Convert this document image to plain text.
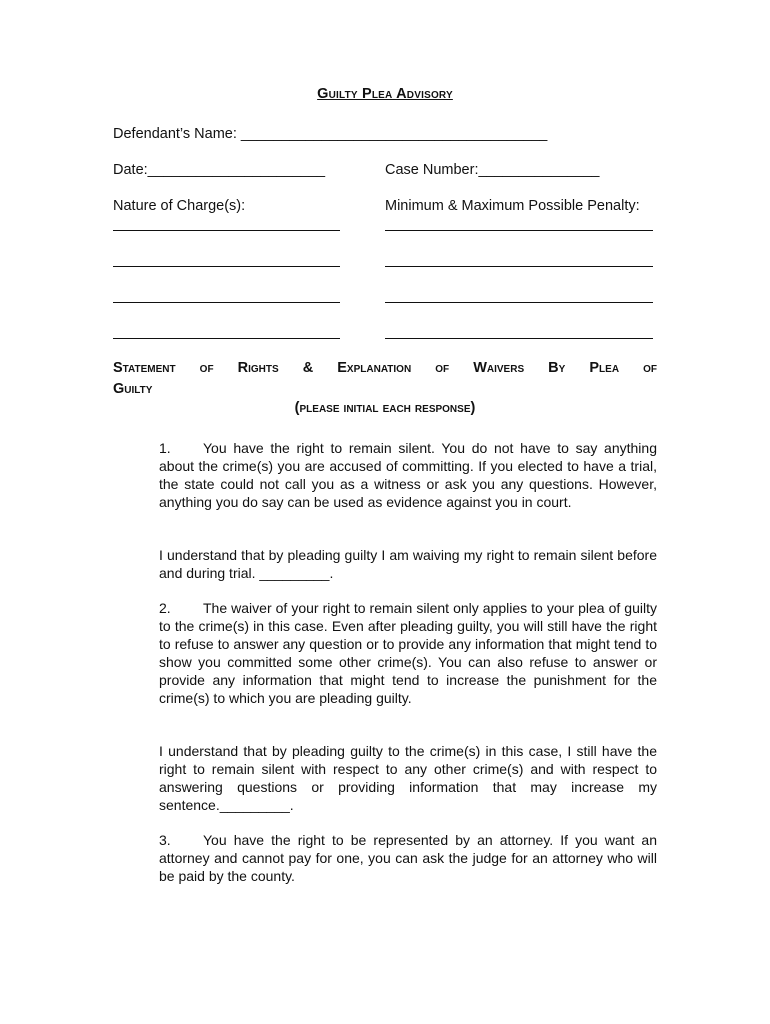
Guilty Plea Advisory
Defendant’s Name: ______________________________________
Date:______________________	Case Number:_______________
Nature of Charge(s):	Minimum & Maximum Possible Penalty:
Statement of Rights & Explanation of Waivers By Plea of
Guilty
(please initial each response)
1. You have the right to remain silent. You do not have to say anything about the crime(s) you are accused of committing. If you elected to have a trial, the state could not call you as a witness or ask you any questions. However, anything you do say can be used as evidence against you in court.
I understand that by pleading guilty I am waiving my right to remain silent before and during trial. _________.
2. The waiver of your right to remain silent only applies to your plea of guilty to the crime(s) in this case. Even after pleading guilty, you will still have the right to refuse to answer any question or to provide any information that might tend to show you committed some other crime(s). You can also refuse to answer or provide any information that might tend to increase the punishment for the crime(s) to which you are pleading guilty.
I understand that by pleading guilty to the crime(s) in this case, I still have the right to remain silent with respect to any other crime(s) and with respect to answering questions or providing information that may increase my sentence._________.
3. You have the right to be represented by an attorney. If you want an attorney and cannot pay for one, you can ask the judge for an attorney who will be paid by the county.
